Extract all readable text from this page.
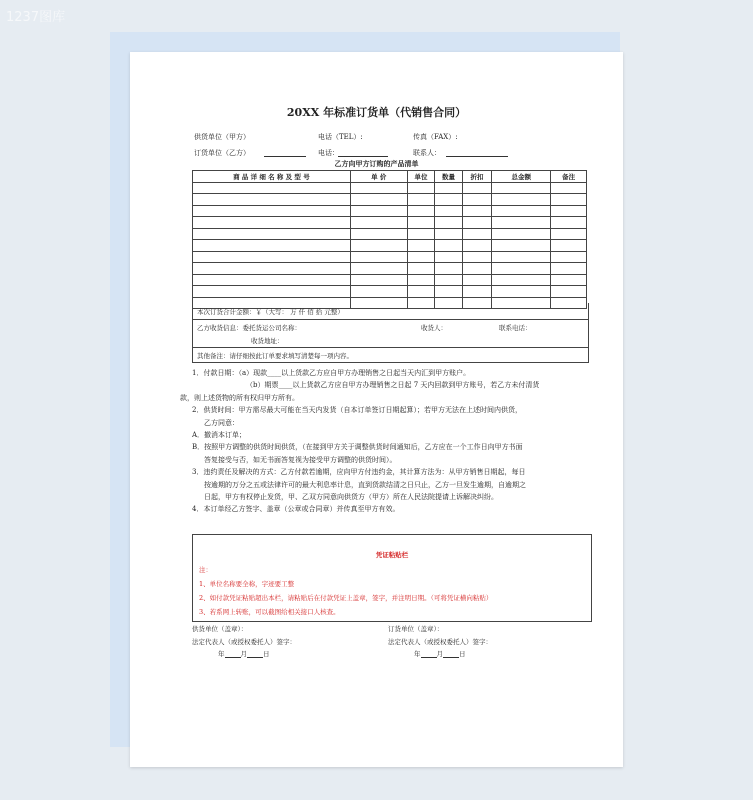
1237图库
20XX 年标准订货单（代销售合同）
供货单位（甲方）	电话（TEL）:	传真（FAX）:
订货单位（乙方）	电话：	联系人：
乙方向甲方订购的产品清单
商 品 详 细 名 称 及 型 号	单 价	单位	数量	折扣	总金额	备注

本次订货合计金额：￥（大写： 万 仟 佰 拾 元整）
乙方收货信息：委托货运公司名称：	收货人：	联系电话：
收货地址：
其他备注：请仔细按此订单要求填写清楚每一项内容。
1．付款日期：（a）现款____以上货款乙方应自甲方办理销售之日起当天内汇到甲方账户。
（b）期票____以上货款乙方应自甲方办理销售之日起 7 天内回款到甲方账号，若乙方未付清货
款，则上述货物的所有权归甲方所有。
2．供货时间：甲方需尽最大可能在当天内发货（自本订单签订日期起算）；若甲方无法在上述时间内供货，
乙方同意：
A．撤消本订单；
B．按照甲方调整的供货时间供货，（在接到甲方关于调整供货时间通知后，乙方应在一个工作日向甲方书面
答复接受与否，如无书面答复视为接受甲方调整的供货时间）。
3．违约责任及解决的方式：乙方付款若逾期，应向甲方付违约金，其计算方法为：从甲方销售日期起，每日
按逾期的万分之五或法律许可的最大利息率计息，直到货款结清之日只止，乙方一旦发生逾期，自逾期之
日起，甲方有权停止发货，甲、乙双方同意向供货方（甲方）所在人民法院提请上诉解决纠纷。
4．本订单经乙方签字、盖章（公章或合同章）并传真至甲方有效。
凭证粘贴栏
注：
1、单位名称要全称，字迹要工整
2、如付款凭证粘贴超出本栏，请粘贴后在付款凭证上盖章，签字，并注明日期。（可将凭证横向粘贴）
3、若系网上转账，可以截图给相关接口人核查。
供货单位（盖章）：	订货单位（盖章）：
法定代表人（或授权委托人）签字：	法定代表人（或授权委托人）签字：
年 月 日	年 月 日
